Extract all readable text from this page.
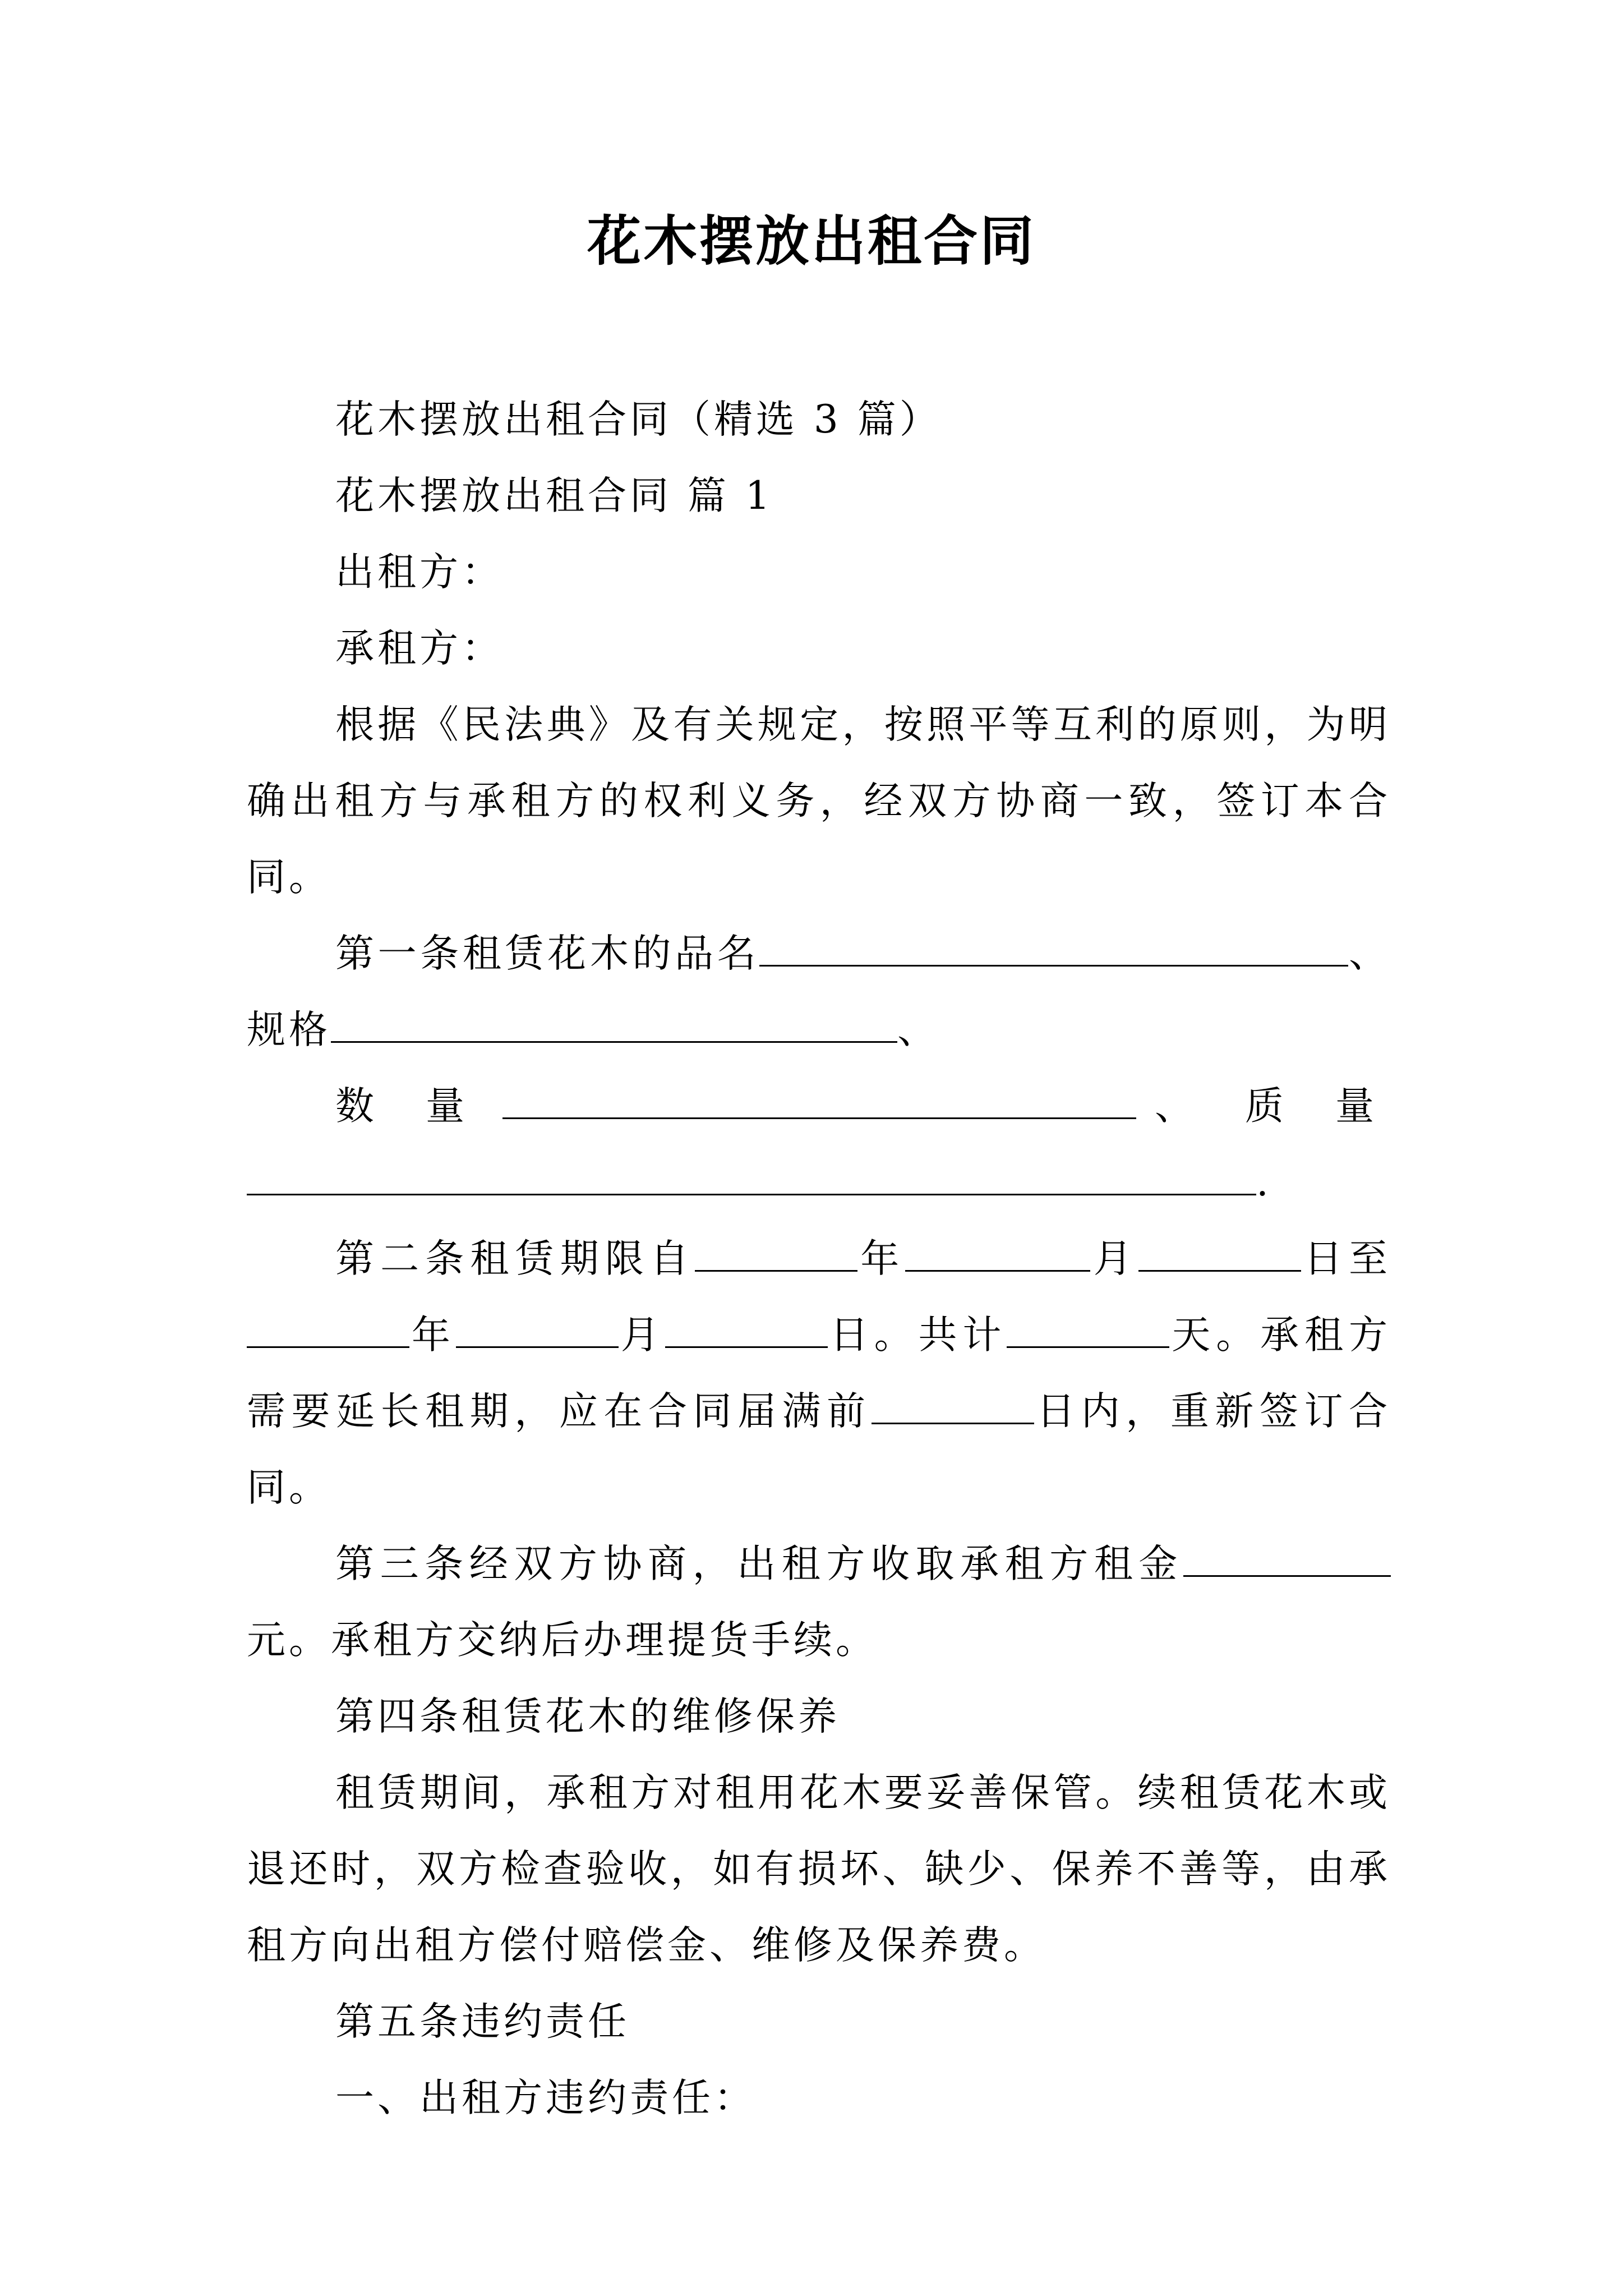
花木摆放出租合同

花木摆放出租合同（精选 3 篇）

花木摆放出租合同 篇 1

出租方：

承租方：

根据《民法典》及有关规定，按照平等互利的原则，为明确出租方与承租方的权利义务，经双方协商一致，签订本合同。

第一条租赁花木的品名	、规格	、

数 量	、 质 量.

第二条租赁期限自	年	月	日至年	月	日。共计	天。承租方需要延长租期，应在合同届满前	日内，重新签订合同。

第三条经双方协商，出租方收取承租方租金元。承租方交纳后办理提货手续。

第四条租赁花木的维修保养

租赁期间，承租方对租用花木要妥善保管。续租赁花木或退还时，双方检查验收，如有损坏、缺少、保养不善等，由承租方向出租方偿付赔偿金、维修及保养费。

第五条违约责任

一、出租方违约责任：
